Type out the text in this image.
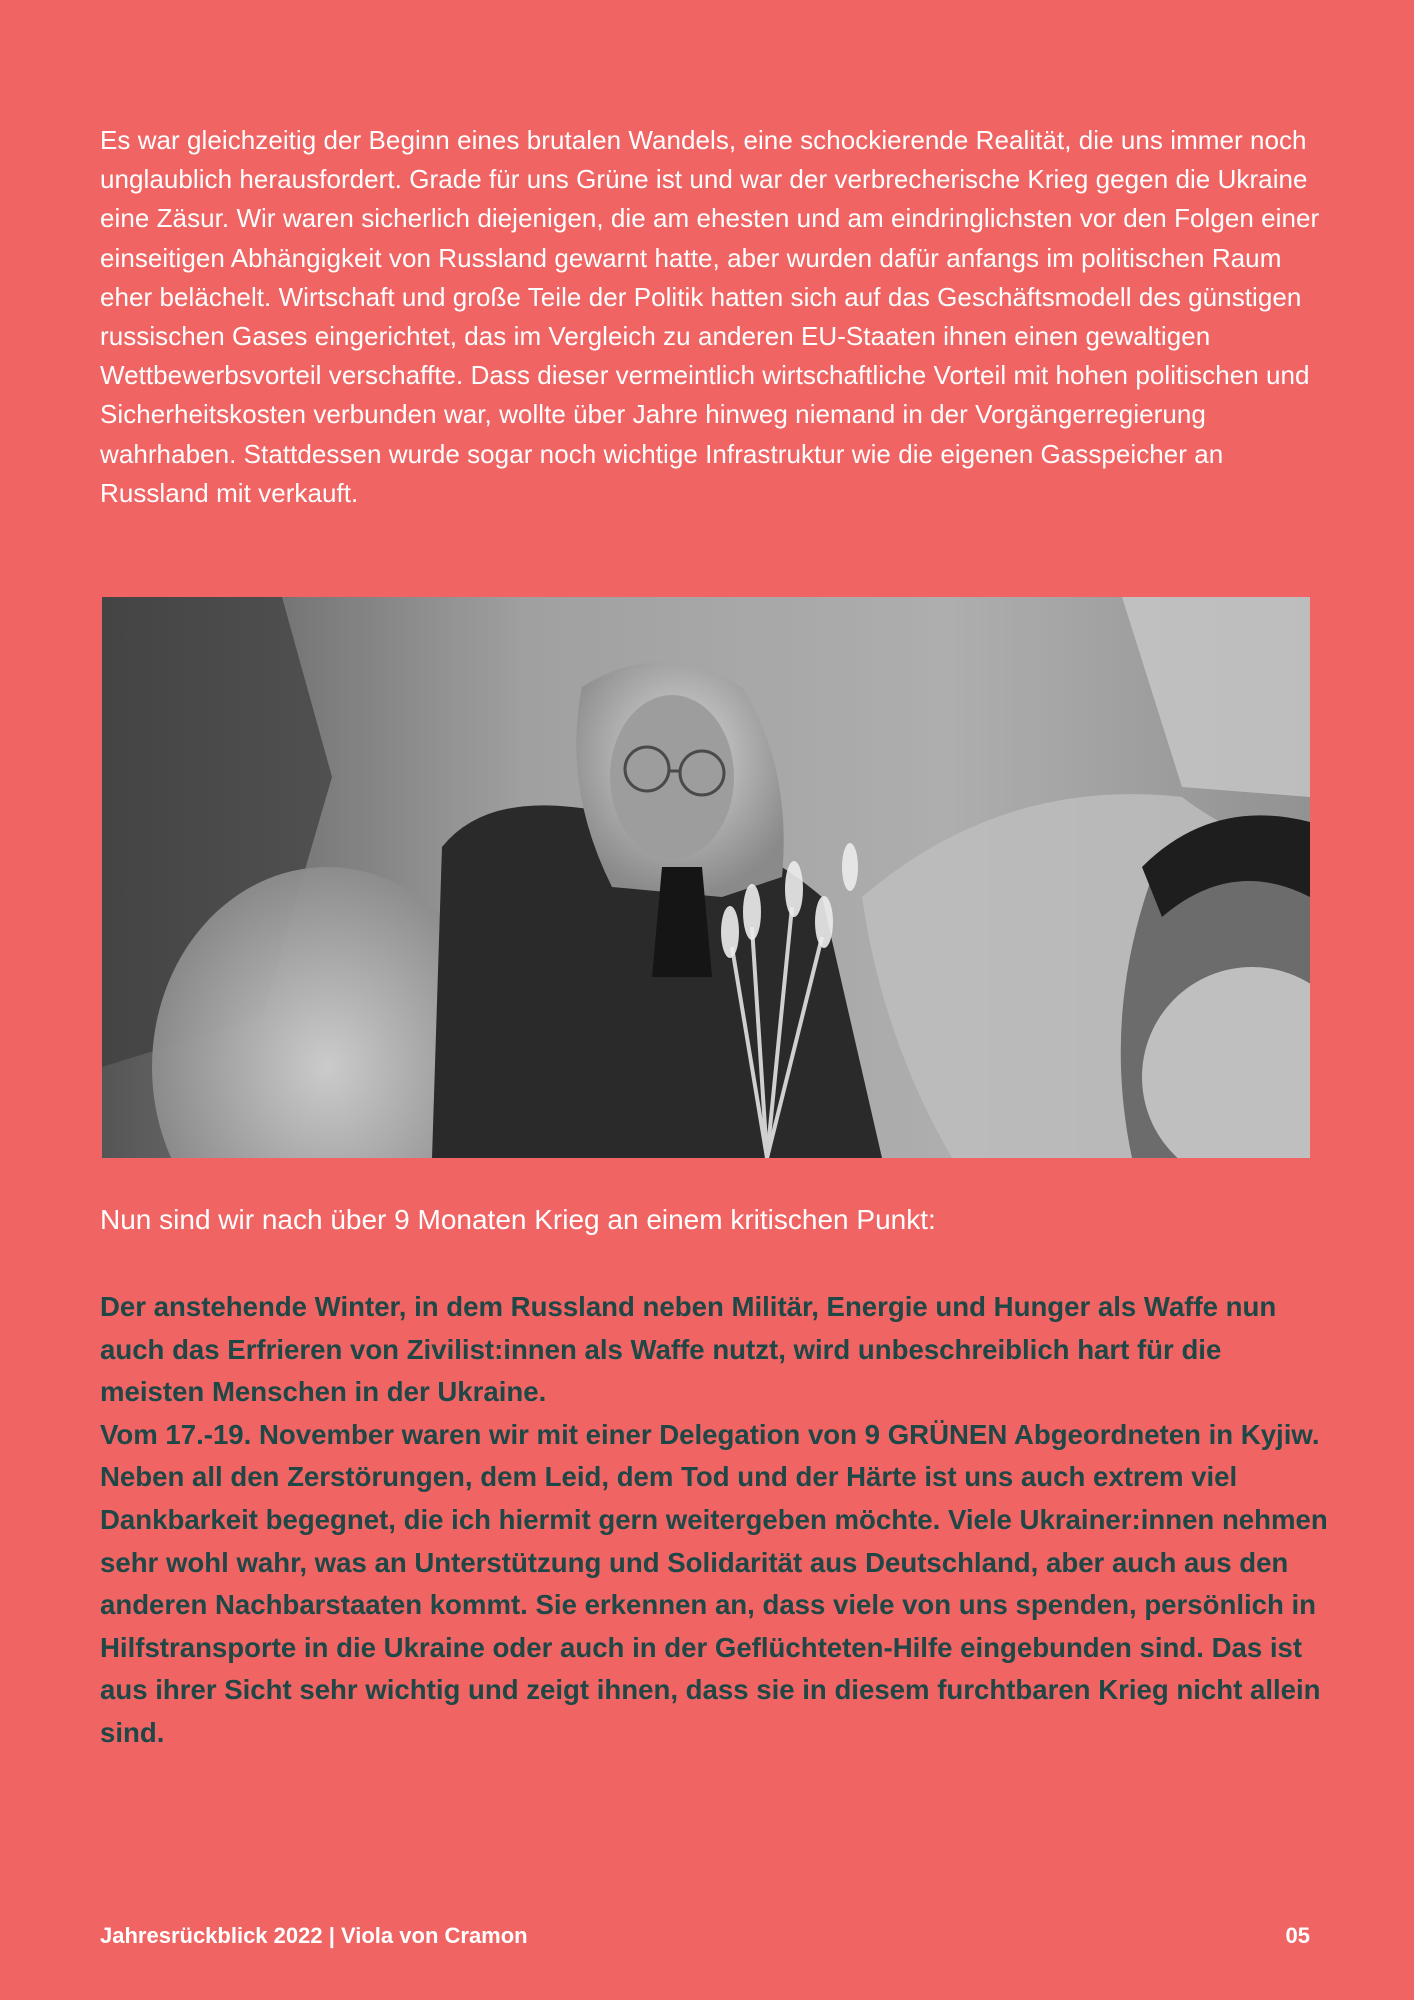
Es war gleichzeitig der Beginn eines brutalen Wandels, eine schockierende Realität, die uns immer noch unglaublich herausfordert. Grade für uns Grüne ist und war der verbrecherische Krieg gegen die Ukraine eine Zäsur. Wir waren sicherlich diejenigen, die am ehesten und am eindringlichsten vor den Folgen einer einseitigen Abhängigkeit von Russland gewarnt hatte, aber wurden dafür anfangs im politischen Raum eher belächelt. Wirtschaft und große Teile der Politik hatten sich auf das Geschäftsmodell des günstigen russischen Gases eingerichtet, das im Vergleich zu anderen EU-Staaten ihnen einen gewaltigen Wettbewerbsvorteil verschaffte. Dass dieser vermeintlich wirtschaftliche Vorteil mit hohen politischen und Sicherheitskosten verbunden war, wollte über Jahre hinweg niemand in der Vorgängerregierung wahrhaben. Stattdessen wurde sogar noch wichtige Infrastruktur wie die eigenen Gasspeicher an Russland mit verkauft.

Nun sind wir nach über 9 Monaten Krieg an einem kritischen Punkt:

Der anstehende Winter, in dem Russland neben Militär, Energie und Hunger als Waffe nun auch das Erfrieren von Zivilist:innen als Waffe nutzt, wird unbeschreiblich hart für die meisten Menschen in der Ukraine.

Vom 17.-19. November waren wir mit einer Delegation von 9 GRÜNEN Abgeordneten in Kyjiw. Neben all den Zerstörungen, dem Leid, dem Tod und der Härte ist uns auch extrem viel Dankbarkeit begegnet, die ich hiermit gern weitergeben möchte. Viele Ukrainer:innen nehmen sehr wohl wahr, was an Unterstützung und Solidarität aus Deutschland, aber auch aus den anderen Nachbarstaaten kommt. Sie erkennen an, dass viele von uns spenden, persönlich in Hilfstransporte in die Ukraine oder auch in der Geflüchteten-Hilfe eingebunden sind. Das ist aus ihrer Sicht sehr wichtig und zeigt ihnen, dass sie in diesem furchtbaren Krieg nicht allein sind.

Jahresrückblick 2022 | Viola von Cramon	05
